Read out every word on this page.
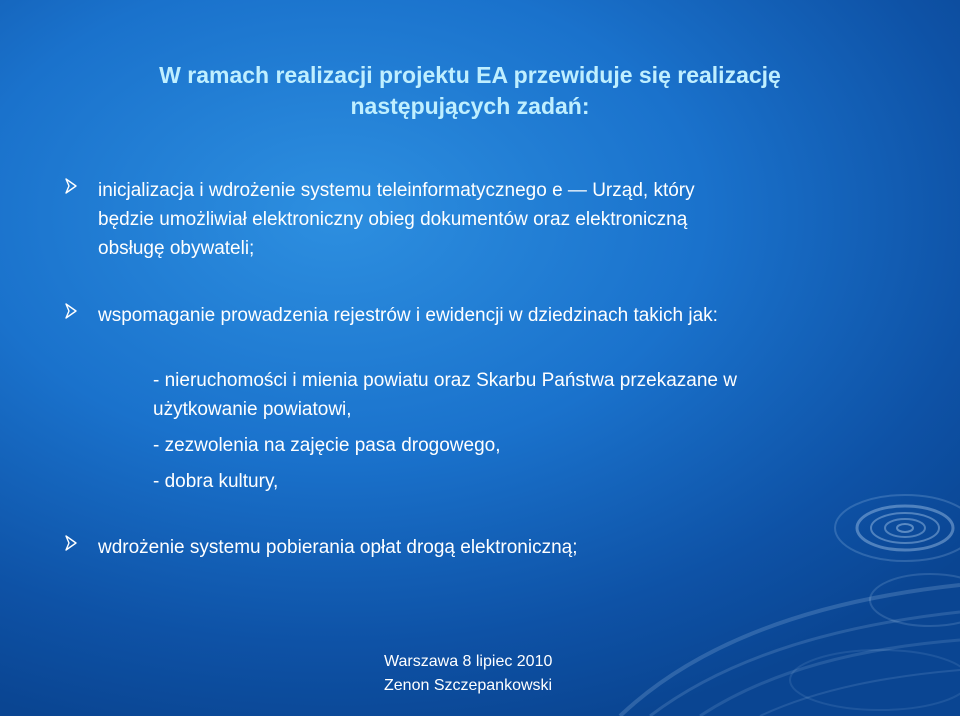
W ramach realizacji projektu EA przewiduje się realizację
następujących zadań:
inicjalizacja i wdrożenie systemu teleinformatycznego e — Urząd, który
będzie umożliwiał elektroniczny obieg dokumentów oraz elektroniczną
obsługę obywateli;
wspomaganie prowadzenia rejestrów i ewidencji w dziedzinach takich jak:
- nieruchomości i mienia powiatu oraz Skarbu Państwa przekazane w
użytkowanie powiatowi,
- zezwolenia na zajęcie pasa drogowego,
- dobra kultury,
wdrożenie systemu pobierania opłat drogą elektroniczną;
Warszawa 8 lipiec 2010
Zenon Szczepankowski
